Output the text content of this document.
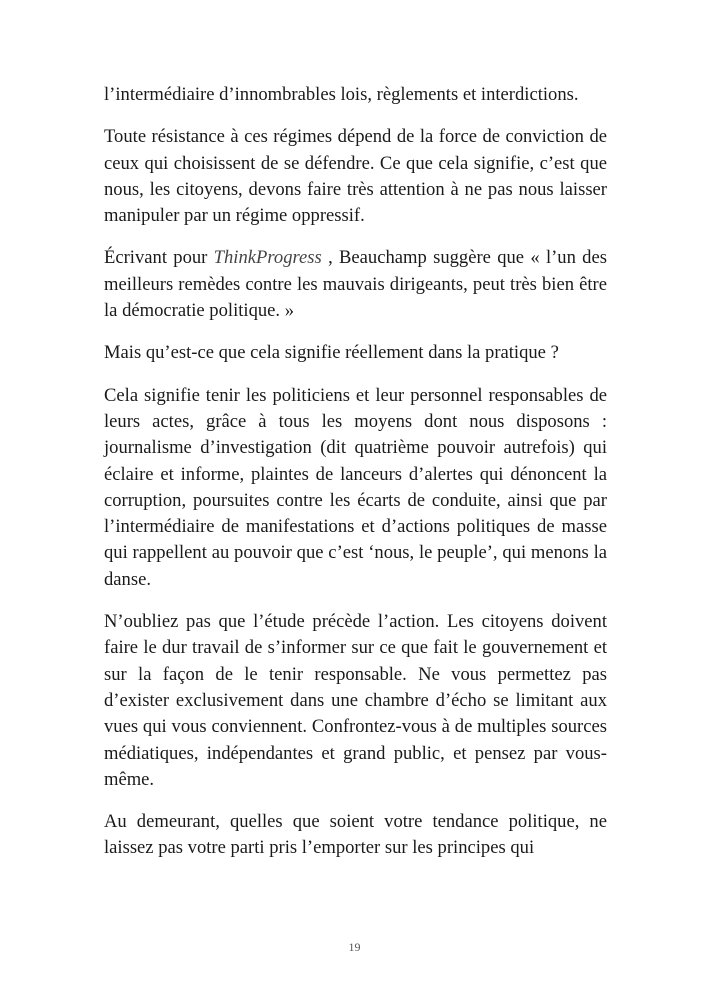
l’intermédiaire d’innombrables lois, règlements et interdictions.

Toute résistance à ces régimes dépend de la force de conviction de ceux qui choisissent de se défendre. Ce que cela signifie, c’est que nous, les citoyens, devons faire très attention à ne pas nous laisser manipuler par un régime oppressif.

Écrivant pour ThinkProgress , Beauchamp suggère que « l’un des meilleurs remèdes contre les mauvais dirigeants, peut très bien être la démocratie politique. »

Mais qu’est-ce que cela signifie réellement dans la pratique ?

Cela signifie tenir les politiciens et leur personnel responsables de leurs actes, grâce à tous les moyens dont nous disposons : journalisme d’investigation (dit quatrième pouvoir autrefois) qui éclaire et informe, plaintes de lanceurs d’alertes qui dénoncent la corruption, poursuites contre les écarts de conduite, ainsi que par l’intermédiaire de manifestations et d’actions politiques de masse qui rappellent au pouvoir que c’est ‘nous, le peuple’, qui menons la danse.

N’oubliez pas que l’étude précède l’action. Les citoyens doivent faire le dur travail de s’informer sur ce que fait le gouvernement et sur la façon de le tenir responsable. Ne vous permettez pas d’exister exclusivement dans une chambre d’écho se limitant aux vues qui vous conviennent. Confrontez-vous à de multiples sources médiatiques, indépendantes et grand public, et pensez par vous-même.

Au demeurant, quelles que soient votre tendance politique, ne laissez pas votre parti pris l’emporter sur les principes qui

19
